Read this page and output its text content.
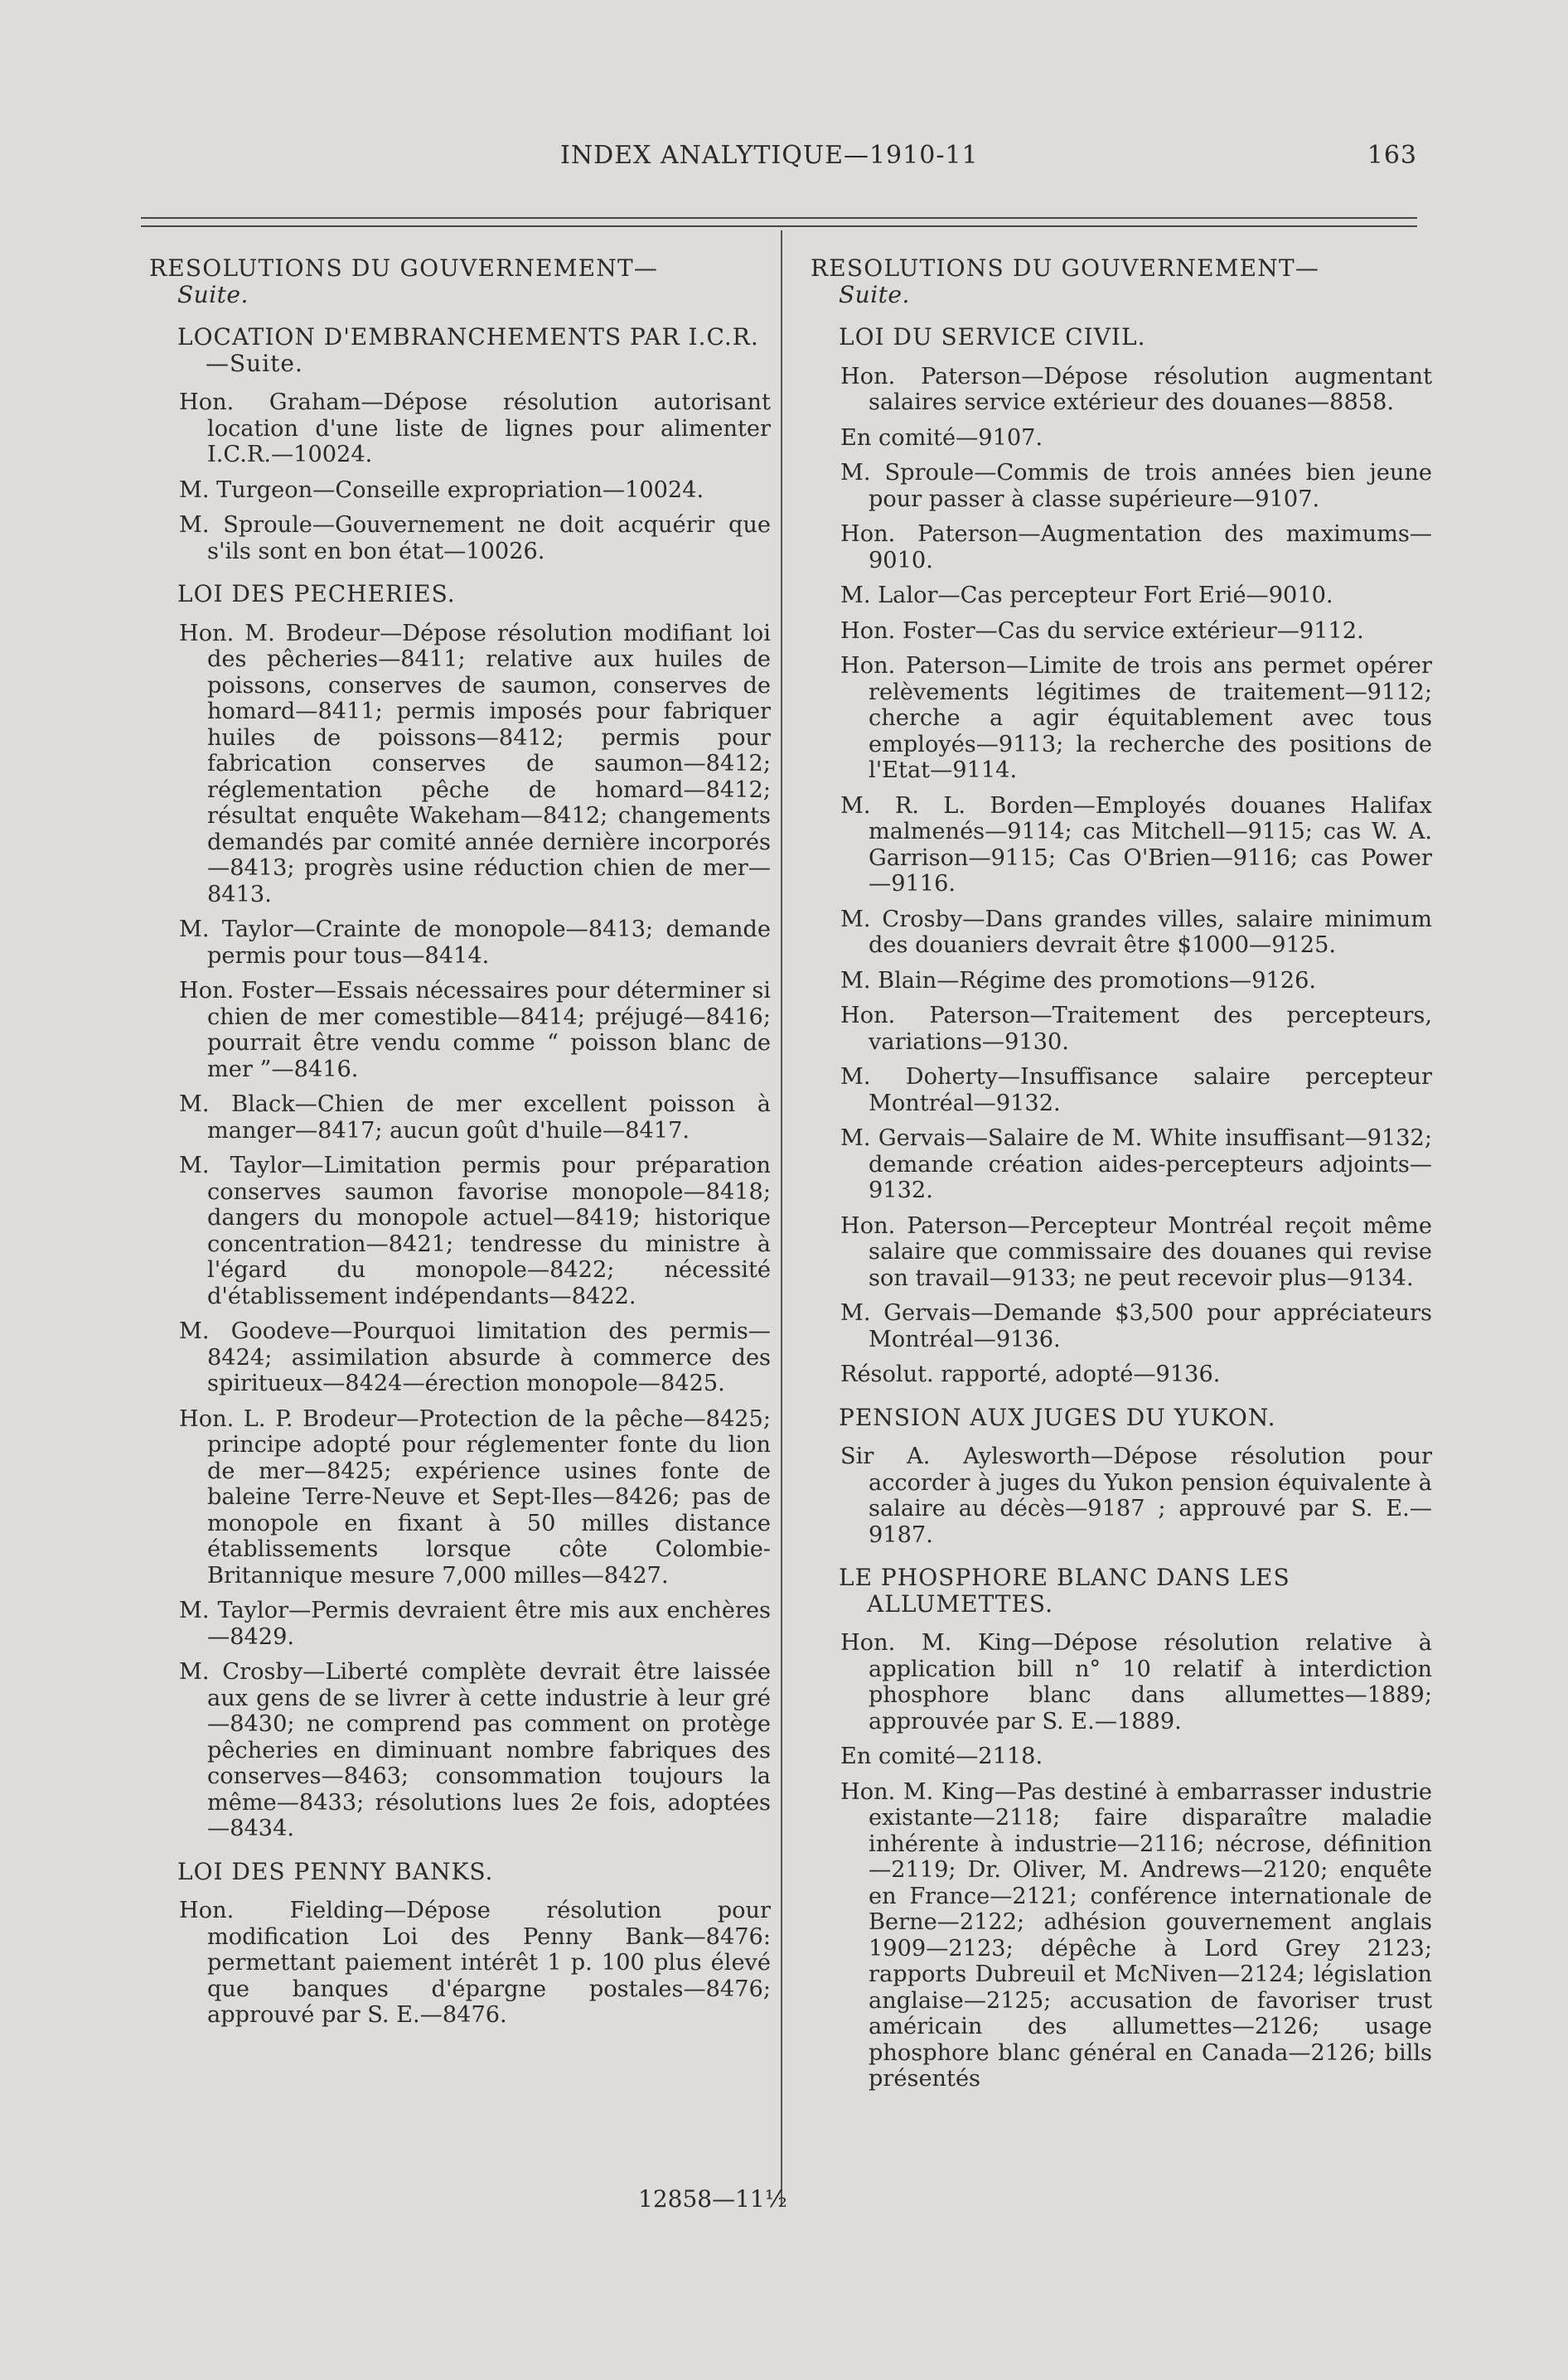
INDEX ANALYTIQUE—1910-11	163

RESOLUTIONS DU GOUVERNEMENT—
Suite.

LOCATION D'EMBRANCHEMENTS PAR I.C.R.—Suite.

Hon. Graham—Dépose résolution autorisant location d'une liste de lignes pour alimenter I.C.R.—10024.

M. Turgeon—Conseille expropriation—10024.

M. Sproule—Gouvernement ne doit acquérir que s'ils sont en bon état—10026.

LOI DES PECHERIES.

Hon. M. Brodeur—Dépose résolution modifiant loi des pêcheries—8411; relative aux huiles de poissons, conserves de saumon, conserves de homard—8411; permis imposés pour fabriquer huiles de poissons—8412; permis pour fabrication conserves de saumon—8412; réglementation pêche de homard—8412; résultat enquête Wakeham—8412; changements demandés par comité année dernière incorporés—8413; progrès usine réduction chien de mer—8413.

M. Taylor—Crainte de monopole—8413; demande permis pour tous—8414.

Hon. Foster—Essais nécessaires pour déterminer si chien de mer comestible—8414; préjugé—8416; pourrait être vendu comme “ poisson blanc de mer ”—8416.

M. Black—Chien de mer excellent poisson à manger—8417; aucun goût d'huile—8417.

M. Taylor—Limitation permis pour préparation conserves saumon favorise monopole—8418; dangers du monopole actuel—8419; historique concentration—8421; tendresse du ministre à l'égard du monopole—8422; nécessité d'établissement indépendants—8422.

M. Goodeve—Pourquoi limitation des permis—8424; assimilation absurde à commerce des spiritueux—8424—érection monopole—8425.

Hon. L. P. Brodeur—Protection de la pêche—8425; principe adopté pour réglementer fonte du lion de mer—8425; expérience usines fonte de baleine Terre-Neuve et Sept-Iles—8426; pas de monopole en fixant à 50 milles distance établissements lorsque côte Colombie-Britannique mesure 7,000 milles—8427.

M. Taylor—Permis devraient être mis aux enchères—8429.

M. Crosby—Liberté complète devrait être laissée aux gens de se livrer à cette industrie à leur gré—8430; ne comprend pas comment on protège pêcheries en diminuant nombre fabriques des conserves—8463; consommation toujours la même—8433; résolutions lues 2e fois, adoptées—8434.

LOI DES PENNY BANKS.

Hon. Fielding—Dépose résolution pour modification Loi des Penny Bank—8476: permettant paiement intérêt 1 p. 100 plus élevé que banques d'épargne postales—8476; approuvé par S. E.—8476.

RESOLUTIONS DU GOUVERNEMENT—
Suite.

LOI DU SERVICE CIVIL.

Hon. Paterson—Dépose résolution augmentant salaires service extérieur des douanes—8858.

En comité—9107.

M. Sproule—Commis de trois années bien jeune pour passer à classe supérieure—9107.

Hon. Paterson—Augmentation des maximums—9010.

M. Lalor—Cas percepteur Fort Erié—9010.

Hon. Foster—Cas du service extérieur—9112.

Hon. Paterson—Limite de trois ans permet opérer relèvements légitimes de traitement—9112; cherche a agir équitablement avec tous employés—9113; la recherche des positions de l'Etat—9114.

M. R. L. Borden—Employés douanes Halifax malmenés—9114; cas Mitchell—9115; cas W. A. Garrison—9115; Cas O'Brien—9116; cas Power—9116.

M. Crosby—Dans grandes villes, salaire minimum des douaniers devrait être $1000—9125.

M. Blain—Régime des promotions—9126.

Hon. Paterson—Traitement des percepteurs, variations—9130.

M. Doherty—Insuffisance salaire percepteur Montréal—9132.

M. Gervais—Salaire de M. White insuffisant—9132; demande création aides-percepteurs adjoints—9132.

Hon. Paterson—Percepteur Montréal reçoit même salaire que commissaire des douanes qui revise son travail—9133; ne peut recevoir plus—9134.

M. Gervais—Demande $3,500 pour appréciateurs Montréal—9136.

Résolut. rapporté, adopté—9136.

PENSION AUX JUGES DU YUKON.

Sir A. Aylesworth—Dépose résolution pour accorder à juges du Yukon pension équivalente à salaire au décès—9187 ; approuvé par S. E.—9187.

LE PHOSPHORE BLANC DANS LES ALLUMETTES.

Hon. M. King—Dépose résolution relative à application bill n° 10 relatif à interdiction phosphore blanc dans allumettes—1889; approuvée par S. E.—1889.

En comité—2118.

Hon. M. King—Pas destiné à embarrasser industrie existante—2118; faire disparaître maladie inhérente à industrie—2116; nécrose, définition—2119; Dr. Oliver, M. Andrews—2120; enquête en France—2121; conférence internationale de Berne—2122; adhésion gouvernement anglais 1909—2123; dépêche à Lord Grey 2123; rapports Dubreuil et McNiven—2124; législation anglaise—2125; accusation de favoriser trust américain des allumettes—2126; usage phosphore blanc général en Canada—2126; bills présentés

12858—11½
